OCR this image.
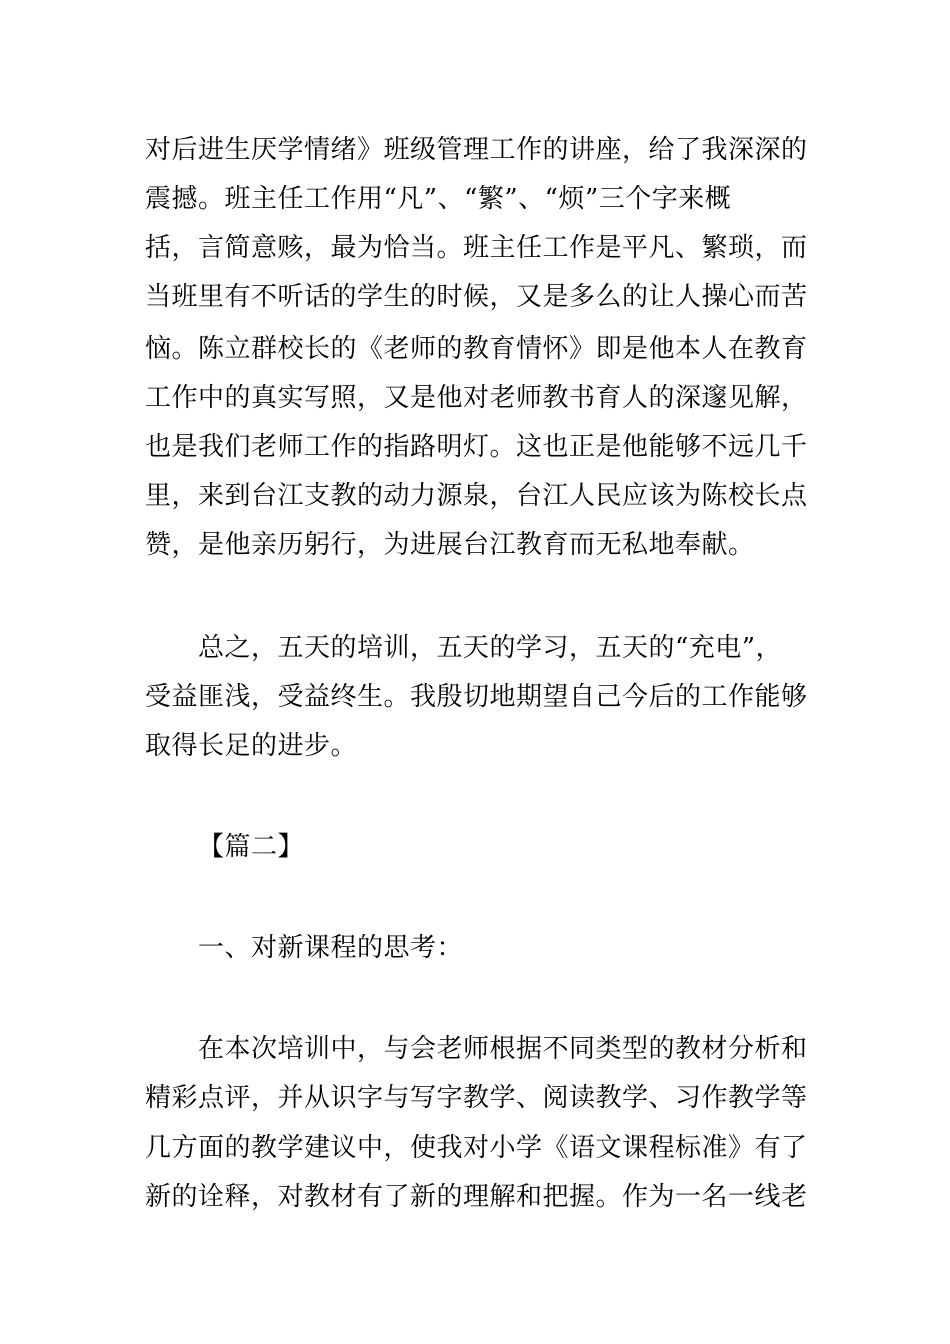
对后进生厌学情绪》班级管理工作的讲座，给了我深深的
震撼。班主任工作用“凡”、“繁”、“烦”三个字来概
括，言简意赅，最为恰当。班主任工作是平凡、繁琐，而
当班里有不听话的学生的时候，又是多么的让人操心而苦
恼。陈立群校长的《老师的教育情怀》即是他本人在教育
工作中的真实写照，又是他对老师教书育人的深邃见解，
也是我们老师工作的指路明灯。这也正是他能够不远几千
里，来到台江支教的动力源泉，台江人民应该为陈校长点
赞，是他亲历躬行，为进展台江教育而无私地奉献。
总之，五天的培训，五天的学习，五天的“充电”，
受益匪浅，受益终生。我殷切地期望自己今后的工作能够
取得长足的进步。
【篇二】
一、对新课程的思考：
在本次培训中，与会老师根据不同类型的教材分析和
精彩点评，并从识字与写字教学、阅读教学、习作教学等
几方面的教学建议中，使我对小学《语文课程标准》有了
新的诠释，对教材有了新的理解和把握。作为一名一线老
